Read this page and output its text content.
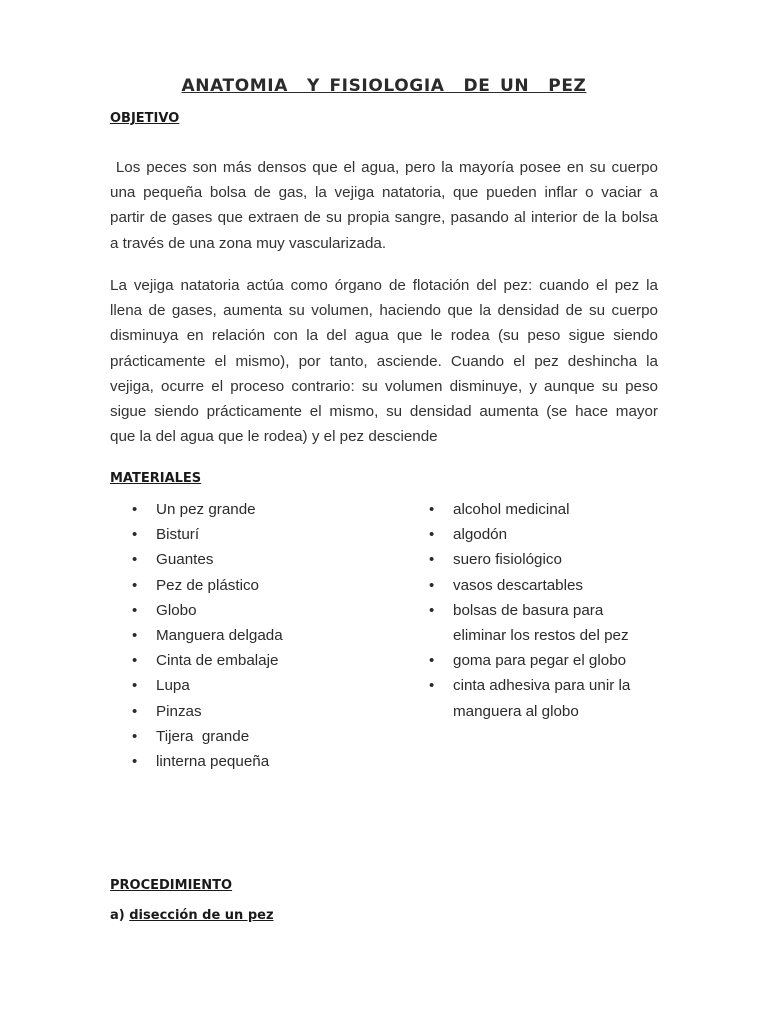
ANATOMIA  Y FISIOLOGIA  DE UN  PEZ
OBJETIVO
Los peces son más densos que el agua, pero la mayoría posee en su cuerpo
una pequeña bolsa de gas, la vejiga natatoria, que pueden inflar o vaciar a
partir de gases que extraen de su propia sangre, pasando al interior de la bolsa
a través de una zona muy vascularizada.
La vejiga natatoria actúa como órgano de flotación del pez: cuando el pez la
llena de gases, aumenta su volumen, haciendo que la densidad de su cuerpo
disminuya en relación con la del agua que le rodea (su peso sigue siendo
prácticamente el mismo), por tanto, asciende. Cuando el pez deshincha la
vejiga, ocurre el proceso contrario: su volumen disminuye, y aunque su peso
sigue siendo prácticamente el mismo, su densidad aumenta (se hace mayor
que la del agua que le rodea) y el pez desciende
MATERIALES
• Un pez grande
• Bisturí
• Guantes
• Pez de plástico
• Globo
• Manguera delgada
• Cinta de embalaje
• Lupa
• Pinzas
• Tijera  grande
• linterna pequeña
• alcohol medicinal
• algodón
• suero fisiológico
• vasos descartables
• bolsas de basura para
eliminar los restos del pez
• goma para pegar el globo
• cinta adhesiva para unir la
manguera al globo
PROCEDIMIENTO
a) disección de un pez
